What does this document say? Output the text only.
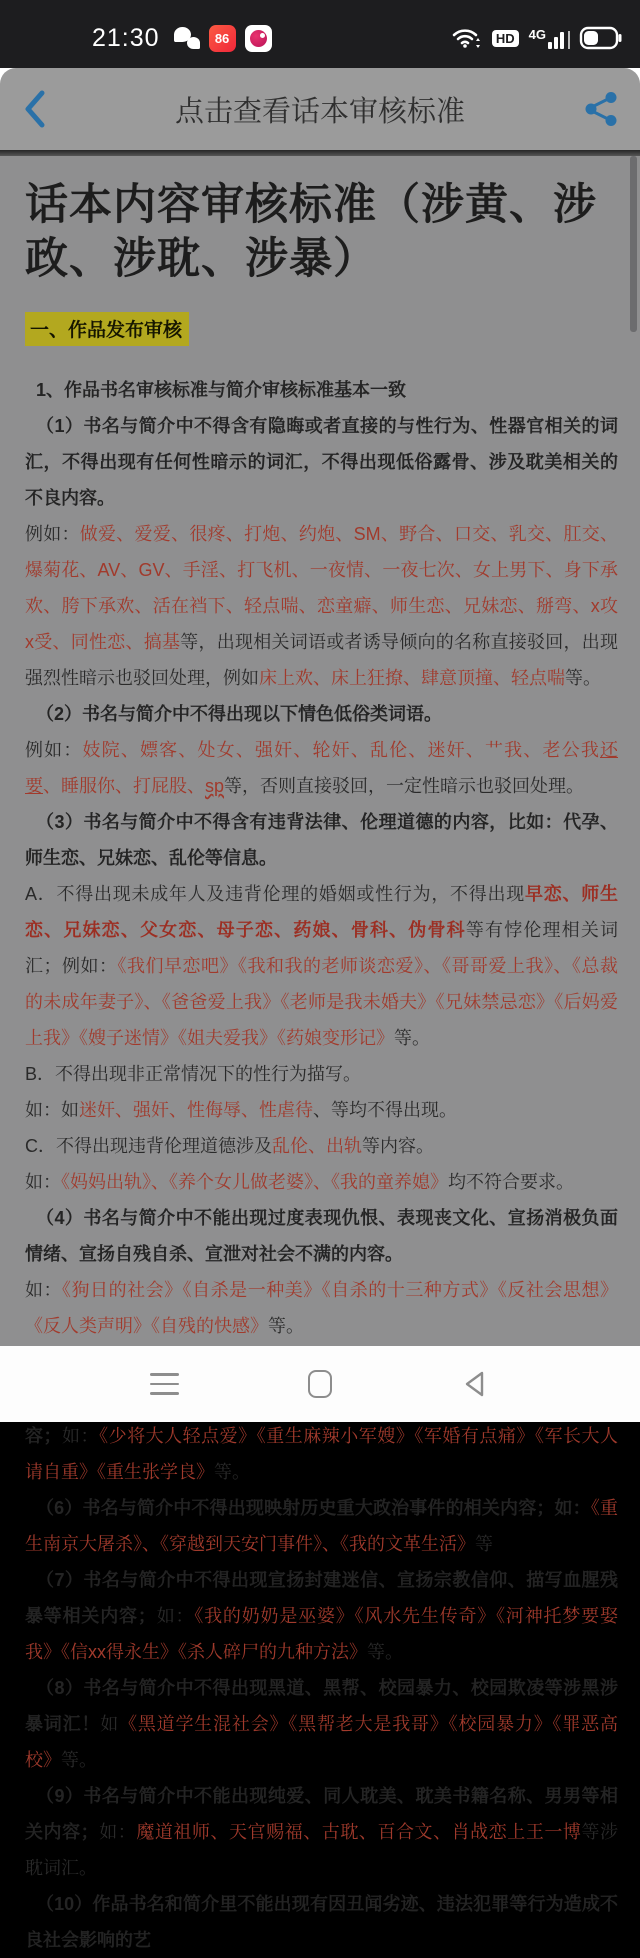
21:30	86	HD	4G
点击查看话本审核标准
话本内容审核标准（涉黄、涉政、涉耽、涉暴）
一、作品发布审核
1、作品书名审核标准与简介审核标准基本一致
（1）书名与简介中不得含有隐晦或者直接的与性行为、性器官相关的词汇，不得出现有任何性暗示的词汇，不得出现低俗露骨、涉及耽美相关的不良内容。
例如：做爱、爱爱、很疼、打炮、约炮、SM、野合、口交、乳交、肛交、爆菊花、AV、GV、手淫、打飞机、一夜情、一夜七次、女上男下、身下承欢、胯下承欢、活在裆下、轻点喘、恋童癖、师生恋、兄妹恋、掰弯、x攻x受、同性恋、搞基等，出现相关词语或者诱导倾向的名称直接驳回，出现强烈性暗示也驳回处理，例如床上欢、床上狂撩、肆意顶撞、轻点喘等。
（2）书名与简介中不得出现以下情色低俗类词语。
例如：妓院、嫖客、处女、强奸、轮奸、乱伦、迷奸、艹我、老公我还要、睡服你、打屁股、sp等，否则直接驳回，一定性暗示也驳回处理。
（3）书名与简介中不得含有违背法律、伦理道德的内容，比如：代孕、师生恋、兄妹恋、乱伦等信息。
A．不得出现未成年人及违背伦理的婚姻或性行为，不得出现早恋、师生恋、兄妹恋、父女恋、母子恋、药娘、骨科、伪骨科等有悖伦理相关词汇；例如：《我们早恋吧》《我和我的老师谈恋爱》、《哥哥爱上我》、《总裁的未成年妻子》、《爸爸爱上我》《老师是我未婚夫》《兄妹禁忌恋》《后妈爱上我》《嫂子迷情》《姐夫爱我》《药娘变形记》等。
B．不得出现非正常情况下的性行为描写。
如：如迷奸、强奸、性侮辱、性虐待、等均不得出现。
C．不得出现违背伦理道德涉及乱伦、出轨等内容。
如：《妈妈出轨》、《养个女儿做老婆》、《我的童养媳》均不符合要求。
（4）书名与简介中不能出现过度表现仇恨、表现丧文化、宣扬消极负面情绪、宣扬自残自杀、宣泄对社会不满的内容。
如：《狗日的社会》《自杀是一种美》《自杀的十三种方式》《反社会思想》《反人类声明》《自残的快感》等。
容；如：《少将大人轻点爱》《重生麻辣小军嫂》《军婚有点痛》《军长大人请自重》《重生张学良》等。
（6）书名与简介中不得出现映射历史重大政治事件的相关内容；如：《重生南京大屠杀》、《穿越到天安门事件》、《我的文革生活》等
（7）书名与简介中不得出现宣扬封建迷信、宣扬宗教信仰、描写血腥残暴等相关内容；如：《我的奶奶是巫婆》《风水先生传奇》《河神托梦要娶我》《信xx得永生》《杀人碎尸的九种方法》等。
（8）书名与简介中不得出现黑道、黑帮、校园暴力、校园欺凌等涉黑涉暴词汇！如《黑道学生混社会》《黑帮老大是我哥》《校园暴力》《罪恶高校》等。
（9）书名与简介中不能出现纯爱、同人耽美、耽美书籍名称、男男等相关内容；如：魔道祖师、天官赐福、古耽、百合文、肖战恋上王一博等涉耽词汇。
（10）作品书名和简介里不能出现有因丑闻劣迹、违法犯罪等行为造成不良社会影响的艺
